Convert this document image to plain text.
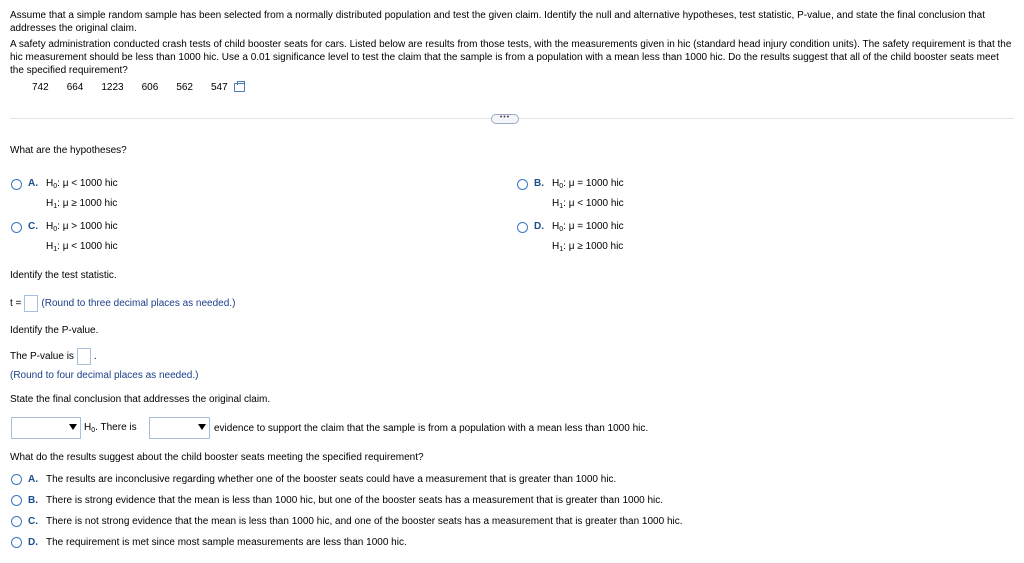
Assume that a simple random sample has been selected from a normally distributed population and test the given claim. Identify the null and alternative hypotheses, test statistic, P-value, and state the final conclusion that addresses the original claim.

A safety administration conducted crash tests of child booster seats for cars. Listed below are results from those tests, with the measurements given in hic (standard head injury condition units). The safety requirement is that the hic measurement should be less than 1000 hic. Use a 0.01 significance level to test the claim that the sample is from a population with a mean less than 1000 hic. Do the results suggest that all of the child booster seats meet the specified requirement?

742 664 1223 606 562 547
•••
What are the hypotheses?
A. $H_0$: μ < 1000 hic
$H_1$: μ ≥ 1000 hic
B. $H_0$: μ = 1000 hic
$H_1$: μ < 1000 hic
C. $H_0$: μ > 1000 hic
$H_1$: μ < 1000 hic
D. $H_0$: μ = 1000 hic
$H_1$: μ ≥ 1000 hic
Identify the test statistic.
t = (Round to three decimal places as needed.)
Identify the P-value.
The P-value is .
(Round to four decimal places as needed.)
State the final conclusion that addresses the original claim.
$H_0$. There is	evidence to support the claim that the sample is from a population with a mean less than 1000 hic.
What do the results suggest about the child booster seats meeting the specified requirement?
A. The results are inconclusive regarding whether one of the booster seats could have a measurement that is greater than 1000 hic.
B. There is strong evidence that the mean is less than 1000 hic, but one of the booster seats has a measurement that is greater than 1000 hic.
C. There is not strong evidence that the mean is less than 1000 hic, and one of the booster seats has a measurement that is greater than 1000 hic.
D. The requirement is met since most sample measurements are less than 1000 hic.
